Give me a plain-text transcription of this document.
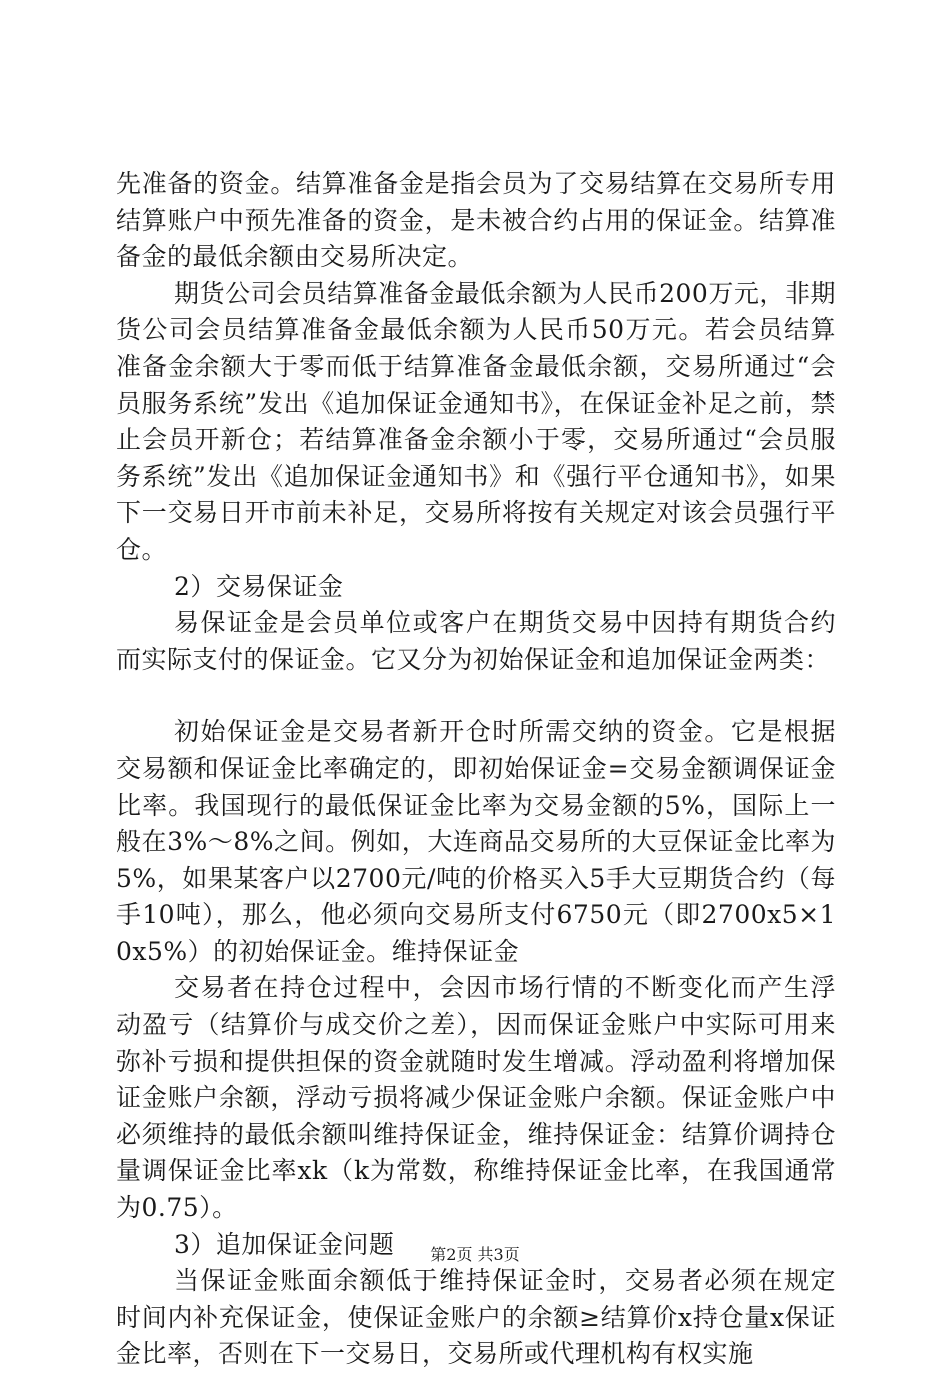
先准备的资金。结算准备金是指会员为了交易结算在交易所专用结算账户中预先准备的资金，是未被合约占用的保证金。结算准备金的最低余额由交易所决定。

期货公司会员结算准备金最低余额为人民币200万元，非期货公司会员结算准备金最低余额为人民币50万元。若会员结算准备金余额大于零而低于结算准备金最低余额，交易所通过“会员服务系统”发出《追加保证金通知书》，在保证金补足之前，禁止会员开新仓；若结算准备金余额小于零，交易所通过“会员服务系统”发出《追加保证金通知书》和《强行平仓通知书》，如果下一交易日开市前未补足，交易所将按有关规定对该会员强行平仓。

2）交易保证金

易保证金是会员单位或客户在期货交易中因持有期货合约而实际支付的保证金。它又分为初始保证金和追加保证金两类：

初始保证金是交易者新开仓时所需交纳的资金。它是根据交易额和保证金比率确定的，即初始保证金=交易金额调保证金比率。我国现行的最低保证金比率为交易金额的5%，国际上一般在3%～8%之间。例如，大连商品交易所的大豆保证金比率为5%，如果某客户以2700元/吨的价格买入5手大豆期货合约（每手10吨），那么，他必须向交易所支付6750元（即2700x5×10x5%）的初始保证金。维持保证金

交易者在持仓过程中，会因市场行情的不断变化而产生浮动盈亏（结算价与成交价之差），因而保证金账户中实际可用来弥补亏损和提供担保的资金就随时发生增减。浮动盈利将增加保证金账户余额，浮动亏损将减少保证金账户余额。保证金账户中必须维持的最低余额叫维持保证金，维持保证金：结算价调持仓量调保证金比率xk（k为常数，称维持保证金比率，在我国通常为0.75）。

3）追加保证金问题

当保证金账面余额低于维持保证金时，交易者必须在规定时间内补充保证金，使保证金账户的余额≥结算价x持仓量x保证金比率，否则在下一交易日，交易所或代理机构有权实施

第2页 共3页
